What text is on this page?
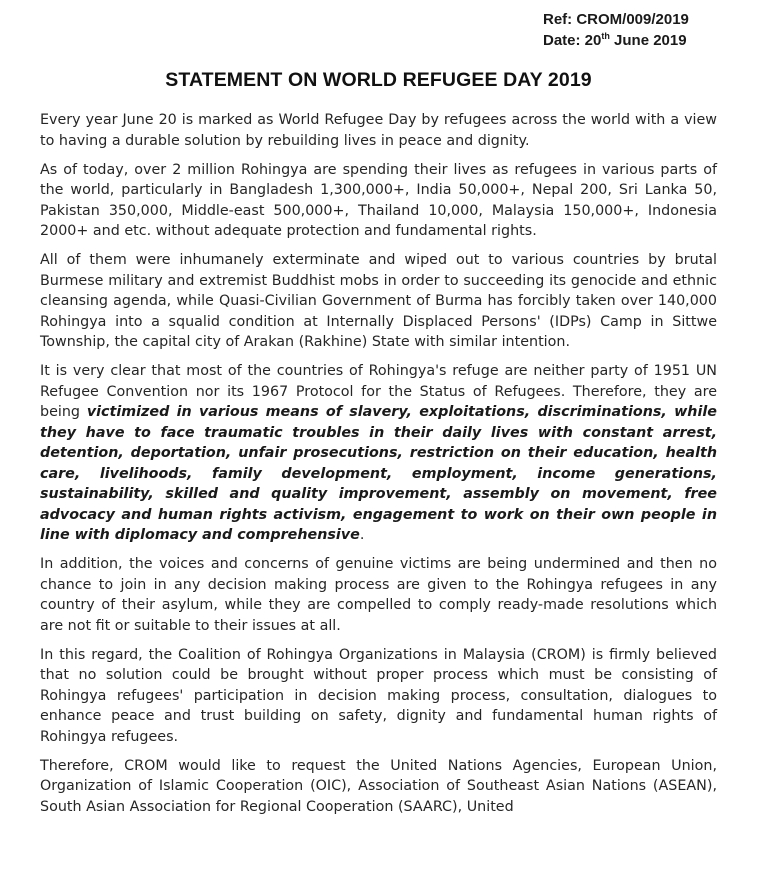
Ref: CROM/009/2019
Date: 20th June 2019
STATEMENT ON WORLD REFUGEE DAY 2019

Every year June 20 is marked as World Refugee Day by refugees across the world with a view to having a durable solution by rebuilding lives in peace and dignity.

As of today, over 2 million Rohingya are spending their lives as refugees in various parts of the world, particularly in Bangladesh 1,300,000+, India 50,000+, Nepal 200, Sri Lanka 50, Pakistan 350,000, Middle-east 500,000+, Thailand 10,000, Malaysia 150,000+, Indonesia 2000+ and etc. without adequate protection and fundamental rights.

All of them were inhumanely exterminate and wiped out to various countries by brutal Burmese military and extremist Buddhist mobs in order to succeeding its genocide and ethnic cleansing agenda, while Quasi-Civilian Government of Burma has forcibly taken over 140,000 Rohingya into a squalid condition at Internally Displaced Persons' (IDPs) Camp in Sittwe Township, the capital city of Arakan (Rakhine) State with similar intention.

It is very clear that most of the countries of Rohingya's refuge are neither party of 1951 UN Refugee Convention nor its 1967 Protocol for the Status of Refugees. Therefore, they are being victimized in various means of slavery, exploitations, discriminations, while they have to face traumatic troubles in their daily lives with constant arrest, detention, deportation, unfair prosecutions, restriction on their education, health care, livelihoods, family development, employment, income generations, sustainability, skilled and quality improvement, assembly on movement, free advocacy and human rights activism, engagement to work on their own people in line with diplomacy and comprehensive.

In addition, the voices and concerns of genuine victims are being undermined and then no chance to join in any decision making process are given to the Rohingya refugees in any country of their asylum, while they are compelled to comply ready-made resolutions which are not fit or suitable to their issues at all.

In this regard, the Coalition of Rohingya Organizations in Malaysia (CROM) is firmly believed that no solution could be brought without proper process which must be consisting of Rohingya refugees' participation in decision making process, consultation, dialogues to enhance peace and trust building on safety, dignity and fundamental human rights of Rohingya refugees.

Therefore, CROM would like to request the United Nations Agencies, European Union, Organization of Islamic Cooperation (OIC), Association of Southeast Asian Nations (ASEAN), South Asian Association for Regional Cooperation (SAARC), United
